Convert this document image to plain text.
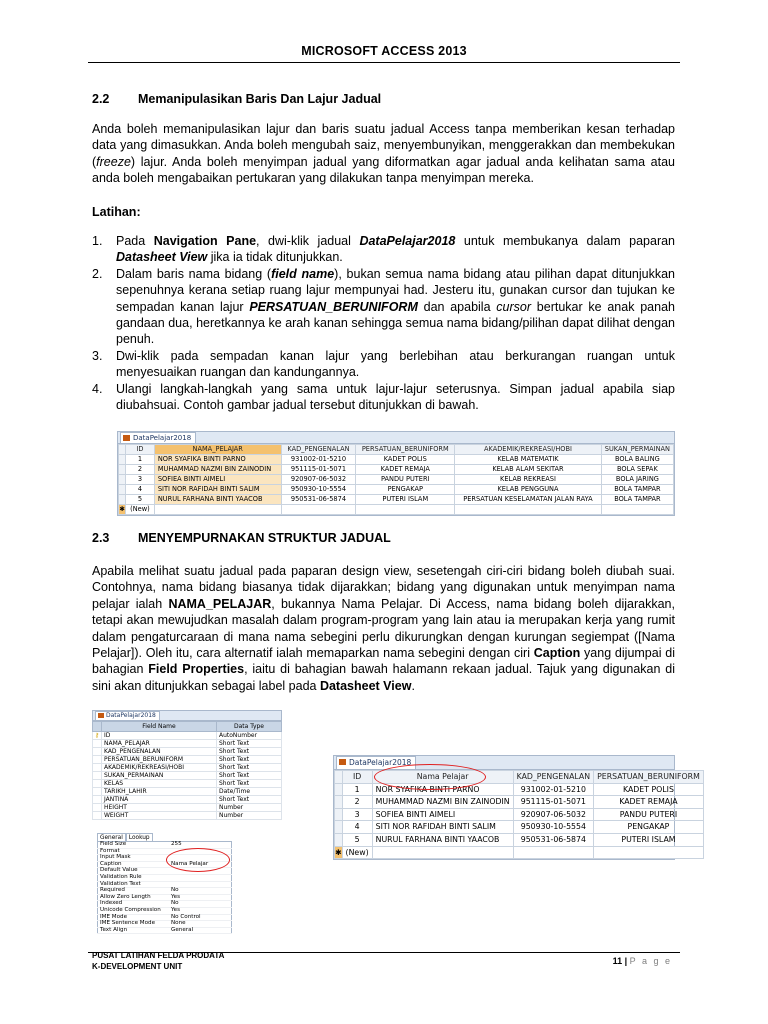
MICROSOFT ACCESS 2013
2.2 Memanipulasikan Baris Dan Lajur Jadual
Anda boleh memanipulasikan lajur dan baris suatu jadual Access tanpa memberikan kesan terhadap data yang dimasukkan. Anda boleh mengubah saiz, menyembunyikan, menggerakkan dan membekukan (freeze) lajur. Anda boleh menyimpan jadual yang diformatkan agar jadual anda kelihatan sama atau anda boleh mengabaikan pertukaran yang dilakukan tanpa menyimpan mereka.
Latihan:
1. Pada Navigation Pane, dwi-klik jadual DataPelajar2018 untuk membukanya dalam paparan Datasheet View jika ia tidak ditunjukkan.
2. Dalam baris nama bidang (field name), bukan semua nama bidang atau pilihan dapat ditunjukkan sepenuhnya kerana setiap ruang lajur mempunyai had. Jesteru itu, gunakan cursor dan tujukan ke sempadan kanan lajur PERSATUAN_BERUNIFORM dan apabila cursor bertukar ke anak panah gandaan dua, heretkannya ke arah kanan sehingga semua nama bidang/pilihan dapat dilihat dengan penuh.
3. Dwi-klik pada sempadan kanan lajur yang berlebihan atau berkurangan ruangan untuk menyesuaikan ruangan dan kandungannya.
4. Ulangi langkah-langkah yang sama untuk lajur-lajur seterusnya. Simpan jadual apabila siap diubahsuai. Contoh gambar jadual tersebut ditunjukkan di bawah.
DataPelajar2018
	ID	NAMA_PELAJAR	KAD_PENGENALAN	PERSATUAN_BERUNIFORM	AKADEMIK/REKREASI/HOBI	SUKAN_PERMAINAN
	1	NOR SYAFIKA BINTI PARNO	931002-01-5210	KADET POLIS	KELAB MATEMATIK	BOLA BALING
	2	MUHAMMAD NAZMI BIN ZAINODIN	951115-01-5071	KADET REMAJA	KELAB ALAM SEKITAR	BOLA SEPAK
	3	SOFIEA BINTI AIMELI	920907-06-5032	PANDU PUTERI	KELAB REKREASI	BOLA JARING
	4	SITI NOR RAFIDAH BINTI SALIM	950930-10-5554	PENGAKAP	KELAB PENGGUNA	BOLA TAMPAR
	5	NURUL FARHANA BINTI YAACOB	950531-06-5874	PUTERI ISLAM	PERSATUAN KESELAMATAN JALAN RAYA	BOLA TAMPAR
✱	(New)					
2.3 MENYEMPURNAKAN STRUKTUR JADUAL
Apabila melihat suatu jadual pada paparan design view, sesetengah ciri-ciri bidang boleh diubah suai. Contohnya, nama bidang biasanya tidak dijarakkan; bidang yang digunakan untuk menyimpan nama pelajar ialah NAMA_PELAJAR, bukannya Nama Pelajar. Di Access, nama bidang boleh dijarakkan, tetapi akan mewujudkan masalah dalam program-program yang lain atau ia merupakan kerja yang rumit dalam pengaturcaraan di mana nama sebegini perlu dikurungkan dengan kurungan segiempat ([Nama Pelajar]). Oleh itu, cara alternatif ialah memaparkan nama sebegini dengan ciri Caption yang dijumpai di bahagian Field Properties, iaitu di bahagian bawah halamann rekaan jadual. Tajuk yang digunakan di sini akan ditunjukkan sebagai label pada Datasheet View.
DataPelajar2018
	Field Name	Data Type
⚷	ID	AutoNumber
	NAMA_PELAJAR	Short Text
	KAD_PENGENALAN	Short Text
	PERSATUAN_BERUNIFORM	Short Text
	AKADEMIK/REKREASI/HOBI	Short Text
	SUKAN_PERMAINAN	Short Text
	KELAS	Short Text
	TARIKH_LAHIR	Date/Time
	JANTINA	Short Text
	HEIGHT	Number
	WEIGHT	Number

General Lookup
Field Size	255
Format	
Input Mask	
Caption	Nama Pelajar
Default Value	
Validation Rule	
Validation Text	
Required	No
Allow Zero Length	Yes
Indexed	No
Unicode Compression	Yes
IME Mode	No Control
IME Sentence Mode	None
Text Align	General
DataPelajar2018
	ID	Nama Pelajar	KAD_PENGENALAN	PERSATUAN_BERUNIFORM
	1	NOR SYAFIKA BINTI PARNO	931002-01-5210	KADET POLIS
	2	MUHAMMAD NAZMI BIN ZAINODIN	951115-01-5071	KADET REMAJA
	3	SOFIEA BINTI AIMELI	920907-06-5032	PANDU PUTERI
	4	SITI NOR RAFIDAH BINTI SALIM	950930-10-5554	PENGAKAP
	5	NURUL FARHANA BINTI YAACOB	950531-06-5874	PUTERI ISLAM
✱	(New)			
PUSAT LATIHAN FELDA PRODATA
K-DEVELOPMENT UNIT
11 | P a g e
